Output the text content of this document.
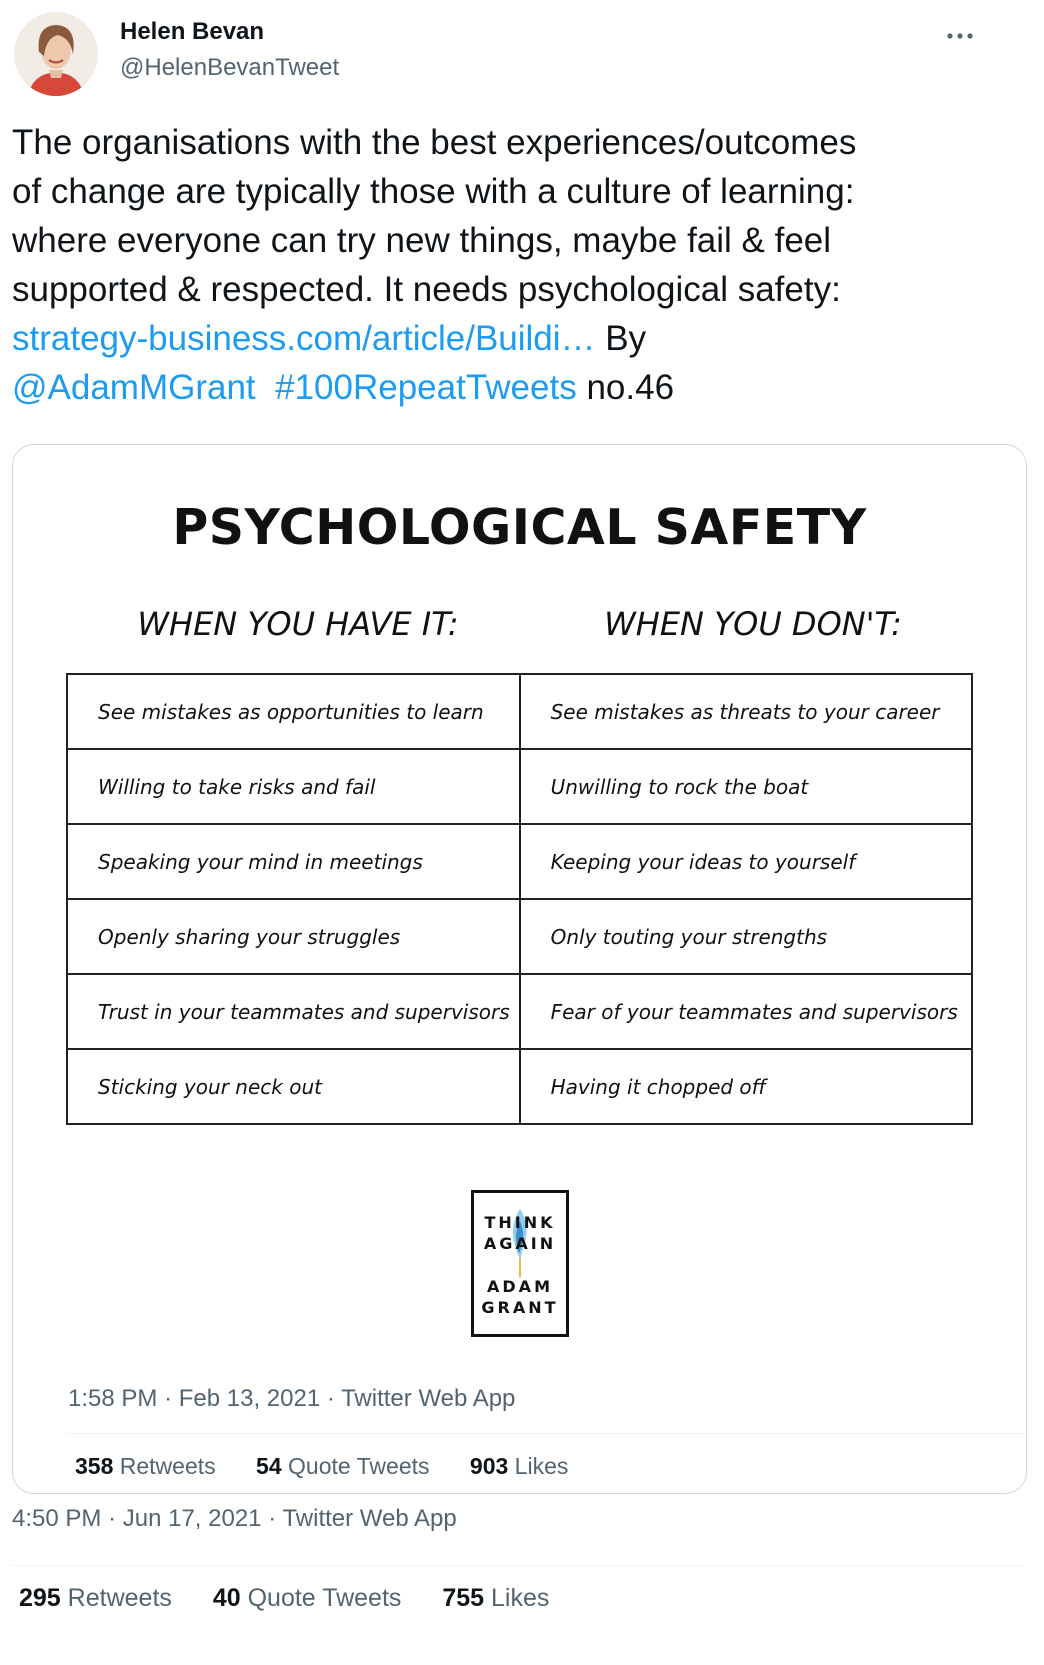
Helen Bevan
@HelenBevanTweet
The organisations with the best experiences/outcomes
of change are typically those with a culture of learning:
where everyone can try new things, maybe fail & feel
supported & respected. It needs psychological safety:
strategy-business.com/article/Buildi… By
@AdamMGrant #100RepeatTweets no.46
PSYCHOLOGICAL SAFETY
WHEN YOU HAVE IT:	WHEN YOU DON'T:
See mistakes as opportunities to learn	See mistakes as threats to your career
Willing to take risks and fail	Unwilling to rock the boat
Speaking your mind in meetings	Keeping your ideas to yourself
Openly sharing your struggles	Only touting your strengths
Trust in your teammates and supervisors	Fear of your teammates and supervisors
Sticking your neck out	Having it chopped off

THINK
AGAIN
ADAM
GRANT

1:58 PM · Feb 13, 2021 · Twitter Web App
358 Retweets 54 Quote Tweets 903 Likes
4:50 PM · Jun 17, 2021 · Twitter Web App
295 Retweets 40 Quote Tweets 755 Likes
